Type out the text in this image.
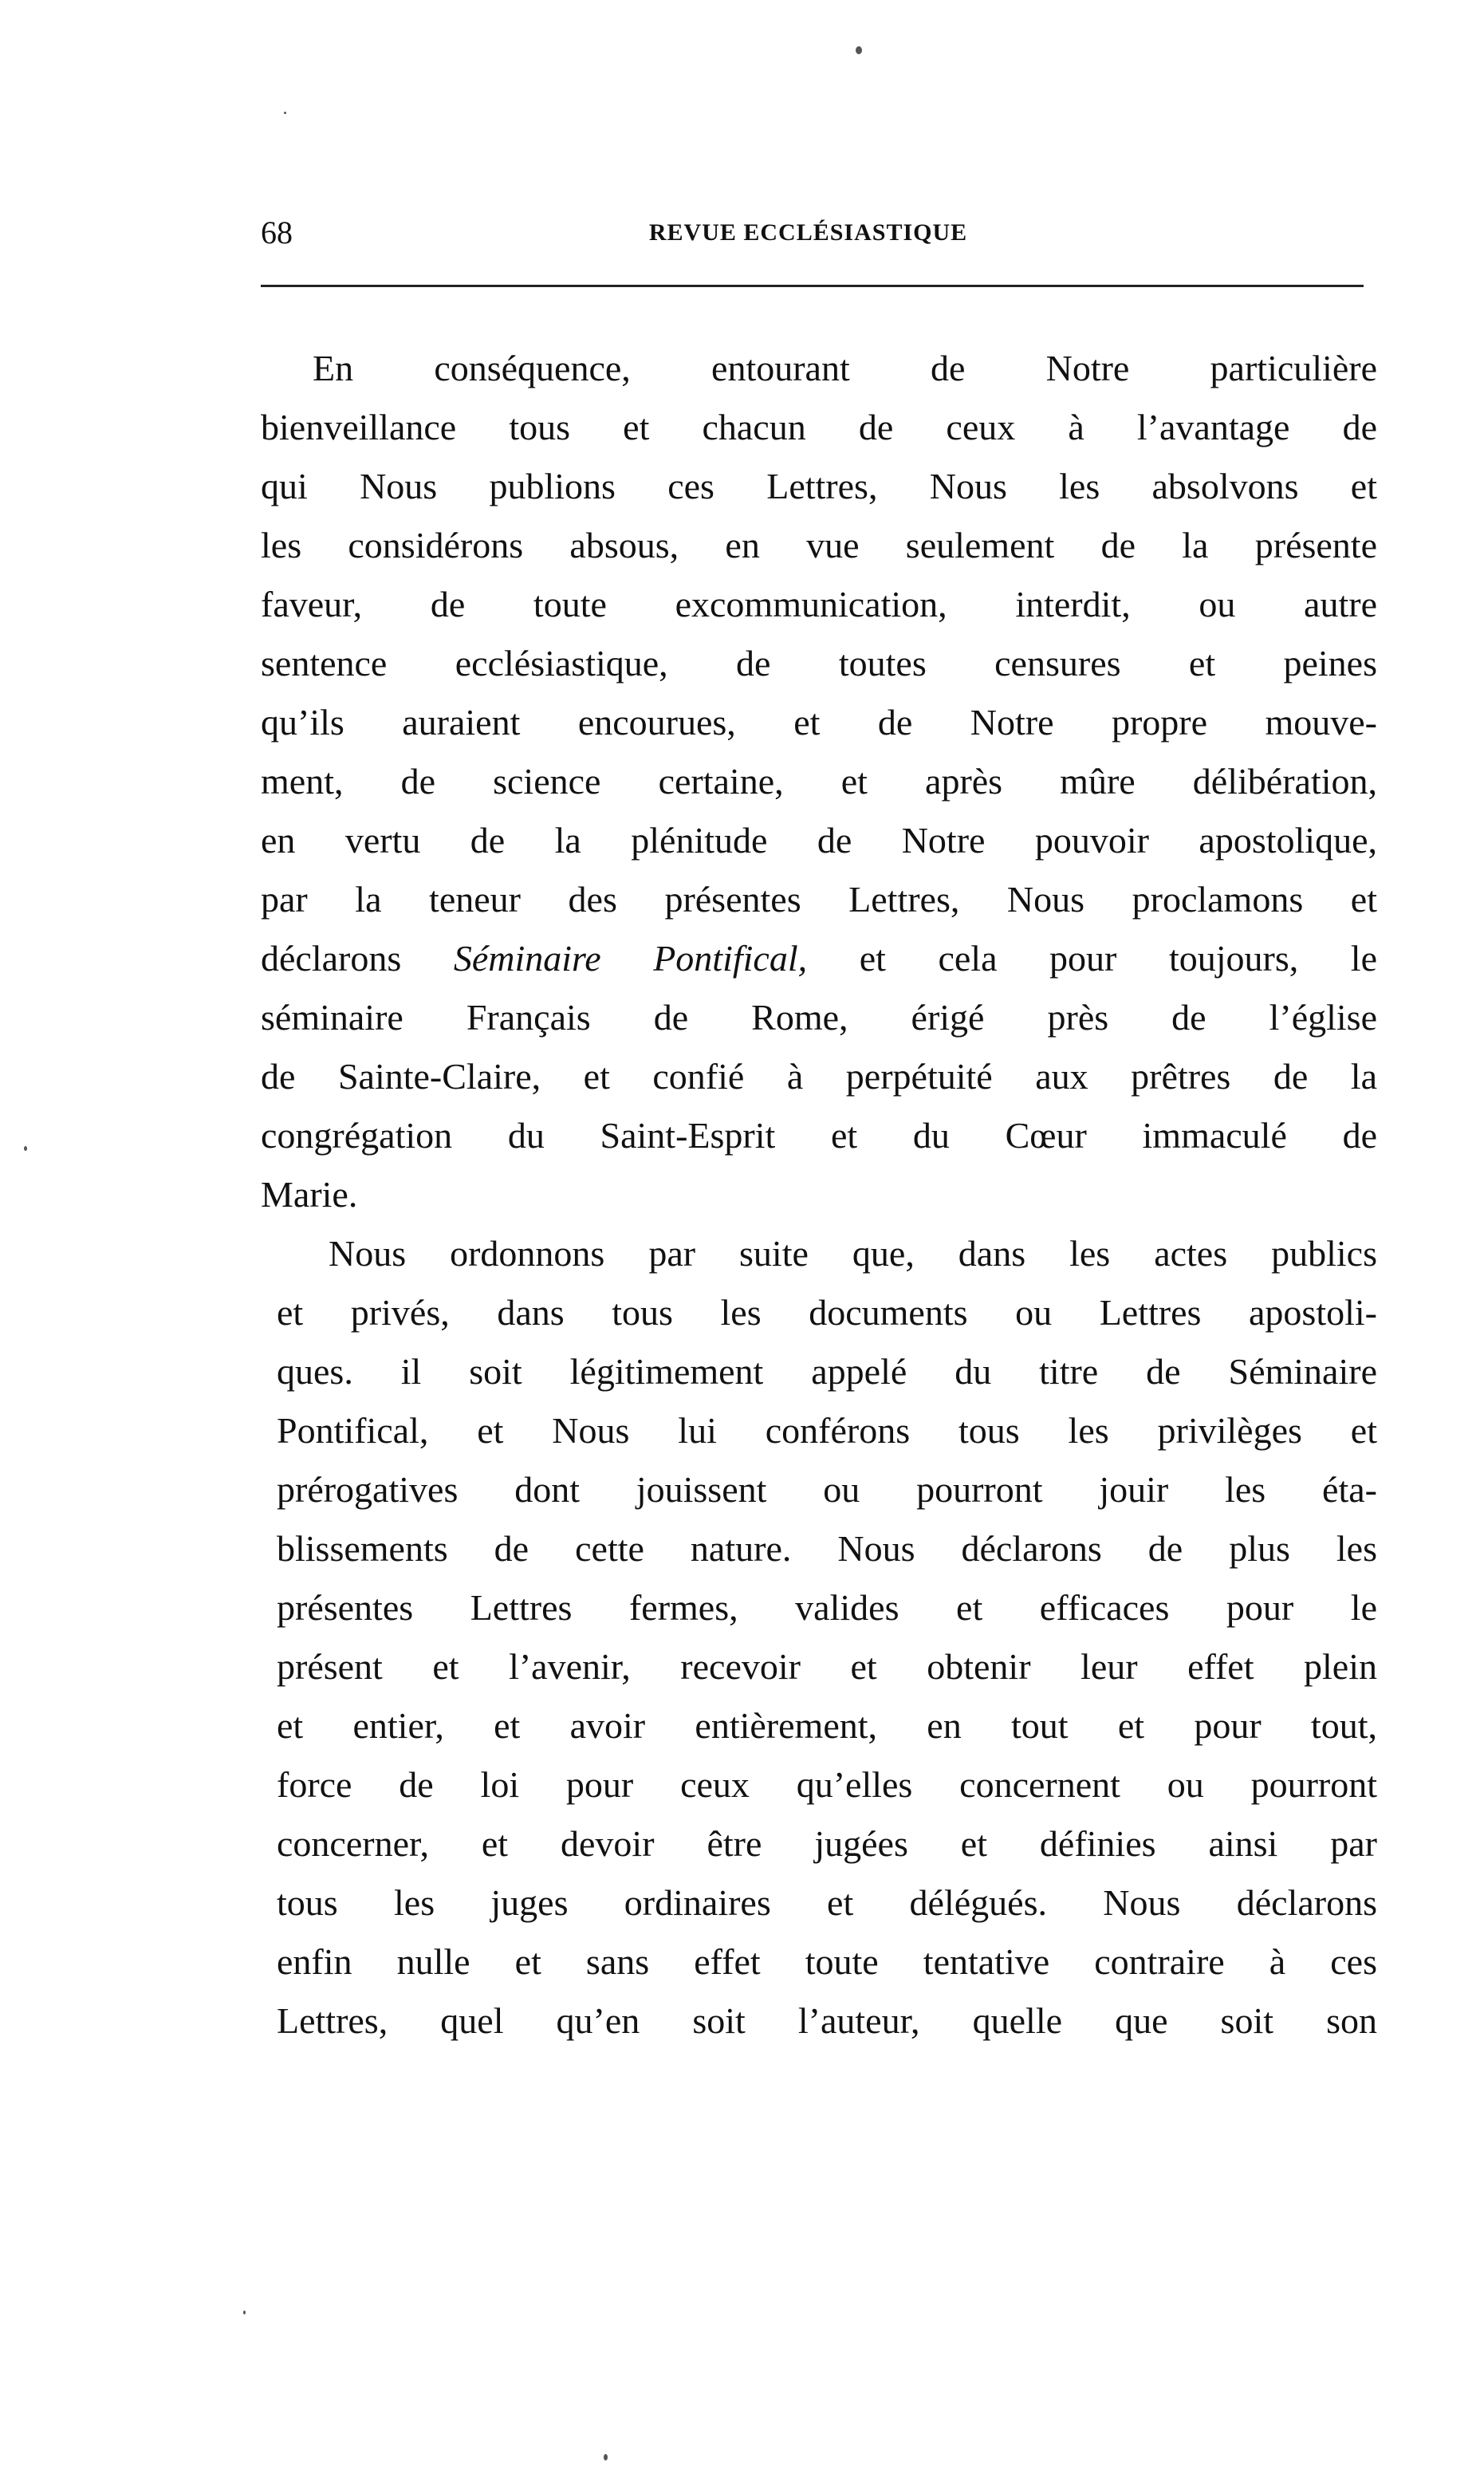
68	REVUE ECCLÉSIASTIQUE
En conséquence, entourant de Notre particulière
bienveillance tous et chacun de ceux à l’avantage de
qui Nous publions ces Lettres, Nous les absolvons et
les considérons absous, en vue seulement de la présente
faveur, de toute excommunication, interdit, ou autre
sentence ecclésiastique, de toutes censures et peines
qu’ils auraient encourues, et de Notre propre mouve-
ment, de science certaine, et après mûre délibération,
en vertu de la plénitude de Notre pouvoir apostolique,
par la teneur des présentes Lettres, Nous proclamons et
déclarons Séminaire Pontifical, et cela pour toujours, le
séminaire Français de Rome, érigé près de l’église
de Sainte-Claire, et confié à perpétuité aux prêtres de la
congrégation du Saint-Esprit et du Cœur immaculé de
Marie.
Nous ordonnons par suite que, dans les actes publics
et privés, dans tous les documents ou Lettres apostoli-
ques. il soit légitimement appelé du titre de Séminaire
Pontifical, et Nous lui conférons tous les privilèges et
prérogatives dont jouissent ou pourront jouir les éta-
blissements de cette nature. Nous déclarons de plus les
présentes Lettres fermes, valides et efficaces pour le
présent et l’avenir, recevoir et obtenir leur effet plein
et entier, et avoir entièrement, en tout et pour tout,
force de loi pour ceux qu’elles concernent ou pourront
concerner, et devoir être jugées et définies ainsi par
tous les juges ordinaires et délégués. Nous déclarons
enfin nulle et sans effet toute tentative contraire à ces
Lettres, quel qu’en soit l’auteur, quelle que soit son
